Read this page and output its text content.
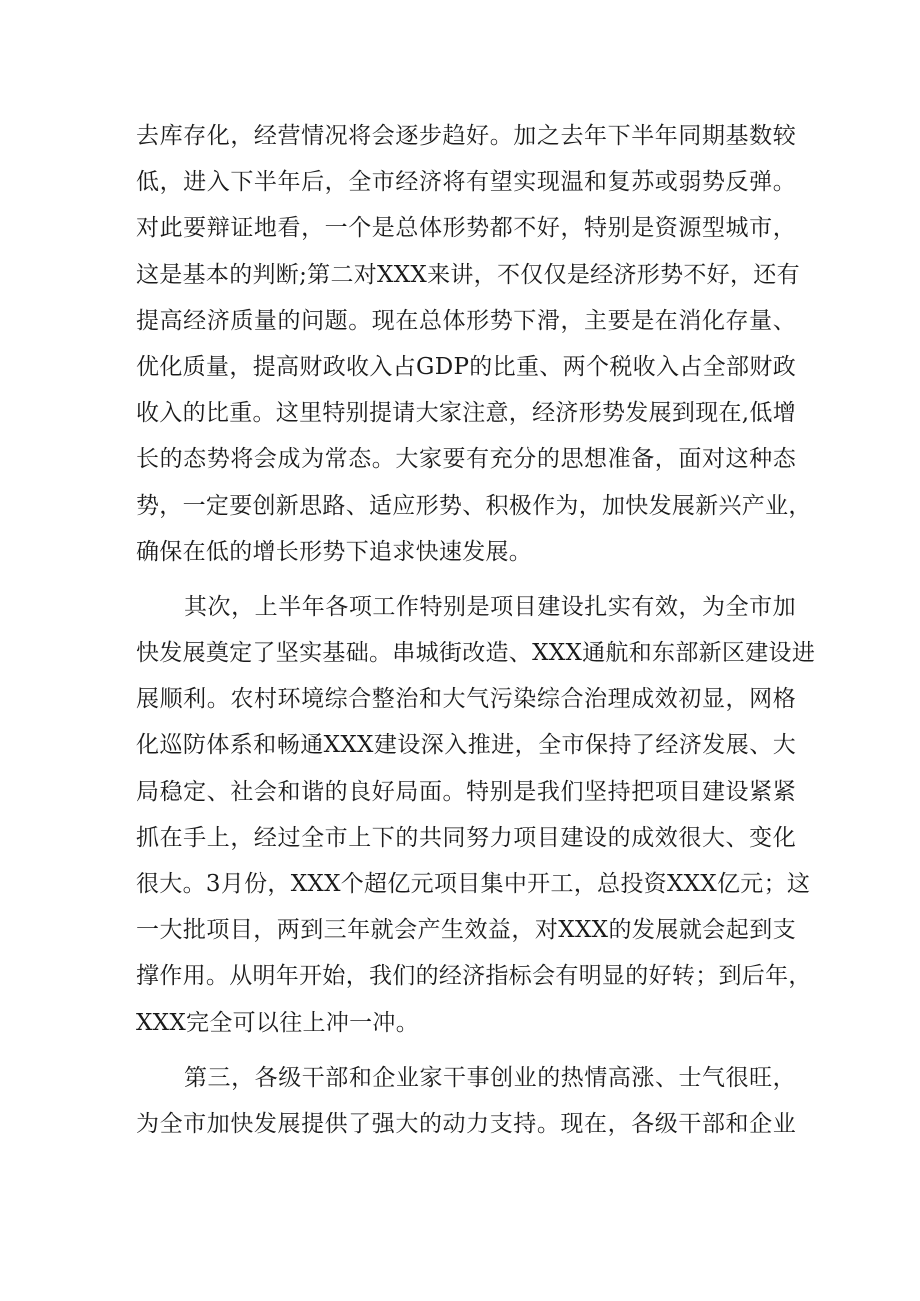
去库存化，经营情况将会逐步趋好。加之去年下半年同期基数较
低，进入下半年后，全市经济将有望实现温和复苏或弱势反弹。
对此要辩证地看，一个是总体形势都不好，特别是资源型城市，
这是基本的判断;第二对XXX来讲，不仅仅是经济形势不好，还有
提高经济质量的问题。现在总体形势下滑，主要是在消化存量、
优化质量，提高财政收入占GDP的比重、两个税收入占全部财政
收入的比重。这里特别提请大家注意，经济形势发展到现在,低增
长的态势将会成为常态。大家要有充分的思想准备，面对这种态
势，一定要创新思路、适应形势、积极作为，加快发展新兴产业，
确保在低的增长形势下追求快速发展。
其次，上半年各项工作特别是项目建设扎实有效，为全市加
快发展奠定了坚实基础。串城街改造、XXX通航和东部新区建设进
展顺利。农村环境综合整治和大气污染综合治理成效初显，网格
化巡防体系和畅通XXX建设深入推进，全市保持了经济发展、大
局稳定、社会和谐的良好局面。特别是我们坚持把项目建设紧紧
抓在手上，经过全市上下的共同努力项目建设的成效很大、变化
很大。3月份，XXX个超亿元项目集中开工，总投资XXX亿元；这
一大批项目，两到三年就会产生效益，对XXX的发展就会起到支
撑作用。从明年开始，我们的经济指标会有明显的好转；到后年，
XXX完全可以往上冲一冲。
第三，各级干部和企业家干事创业的热情高涨、士气很旺，
为全市加快发展提供了强大的动力支持。现在，各级干部和企业
